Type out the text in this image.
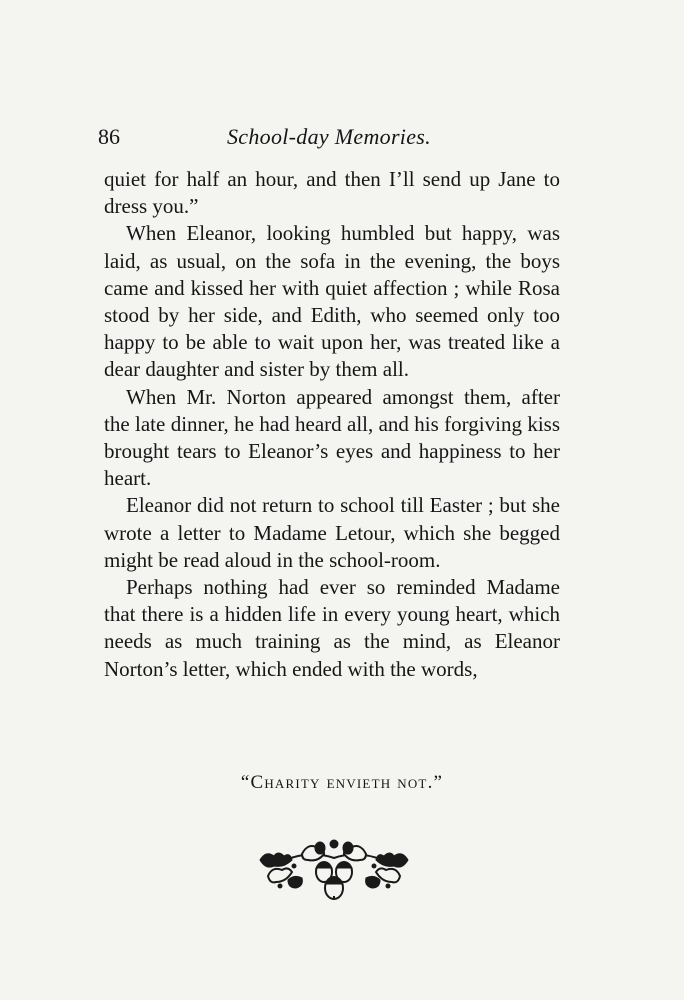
86	School-day Memories.

quiet for half an hour, and then I’ll send up Jane to dress you.”

When Eleanor, looking humbled but happy, was laid, as usual, on the sofa in the evening, the boys came and kissed her with quiet affection ; while Rosa stood by her side, and Edith, who seemed only too happy to be able to wait upon her, was treated like a dear daughter and sister by them all.

When Mr. Norton appeared amongst them, after the late dinner, he had heard all, and his forgiving kiss brought tears to Eleanor’s eyes and happiness to her heart.

Eleanor did not return to school till Easter ; but she wrote a letter to Madame Letour, which she begged might be read aloud in the school-room.

Perhaps nothing had ever so reminded Madame that there is a hidden life in every young heart, which needs as much training as the mind, as Eleanor Norton’s letter, which ended with the words,

“Charity envieth not.”
